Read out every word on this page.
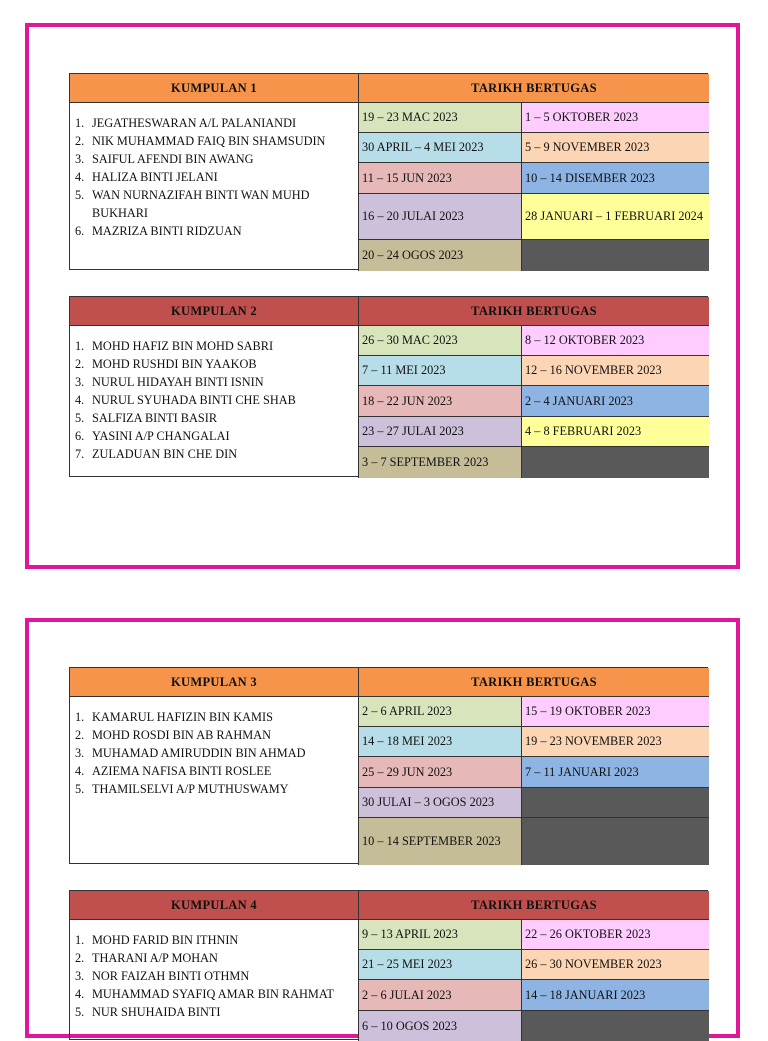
KUMPULAN 1	TARIKH BERTUGAS
1. JEGATHESWARAN A/L PALANIANDI
2. NIK MUHAMMAD FAIQ BIN SHAMSUDIN
3. SAIFUL AFENDI BIN AWANG
4. HALIZA BINTI JELANI
5. WAN NURNAZIFAH BINTI WAN MUHD BUKHARI
6. MAZRIZA BINTI RIDZUAN
19 – 23 MAC 2023	1 – 5 OKTOBER 2023
30 APRIL – 4 MEI 2023	5 – 9 NOVEMBER 2023
11 – 15 JUN 2023	10 – 14 DISEMBER 2023
16 – 20 JULAI 2023	28 JANUARI – 1 FEBRUARI 2024
20 – 24 OGOS 2023
KUMPULAN 2	TARIKH BERTUGAS
1. MOHD HAFIZ BIN MOHD SABRI
2. MOHD RUSHDI BIN YAAKOB
3. NURUL HIDAYAH BINTI ISNIN
4. NURUL SYUHADA BINTI CHE SHAB
5. SALFIZA BINTI BASIR
6. YASINI A/P CHANGALAI
7. ZULADUAN BIN CHE DIN
26 – 30 MAC 2023	8 – 12 OKTOBER 2023
7 – 11 MEI 2023	12 – 16 NOVEMBER 2023
18 – 22 JUN 2023	2 – 4 JANUARI 2023
23 – 27 JULAI 2023	4 – 8 FEBRUARI 2023
3 – 7 SEPTEMBER 2023
KUMPULAN 3	TARIKH BERTUGAS
1. KAMARUL HAFIZIN BIN KAMIS
2. MOHD ROSDI BIN AB RAHMAN
3. MUHAMAD AMIRUDDIN BIN AHMAD
4. AZIEMA NAFISA BINTI ROSLEE
5. THAMILSELVI A/P MUTHUSWAMY
2 – 6 APRIL 2023	15 – 19 OKTOBER 2023
14 – 18 MEI 2023	19 – 23 NOVEMBER 2023
25 – 29 JUN 2023	7 – 11 JANUARI 2023
30 JULAI – 3 OGOS 2023
10 – 14 SEPTEMBER 2023
KUMPULAN 4	TARIKH BERTUGAS
1. MOHD FARID BIN ITHNIN
2. THARANI A/P MOHAN
3. NOR FAIZAH BINTI OTHMN
4. MUHAMMAD SYAFIQ AMAR BIN RAHMAT
5. NUR SHUHAIDA BINTI
9 – 13 APRIL 2023	22 – 26 OKTOBER 2023
21 – 25 MEI 2023	26 – 30 NOVEMBER 2023
2 – 6 JULAI 2023	14 – 18 JANUARI 2023
6 – 10 OGOS 2023
